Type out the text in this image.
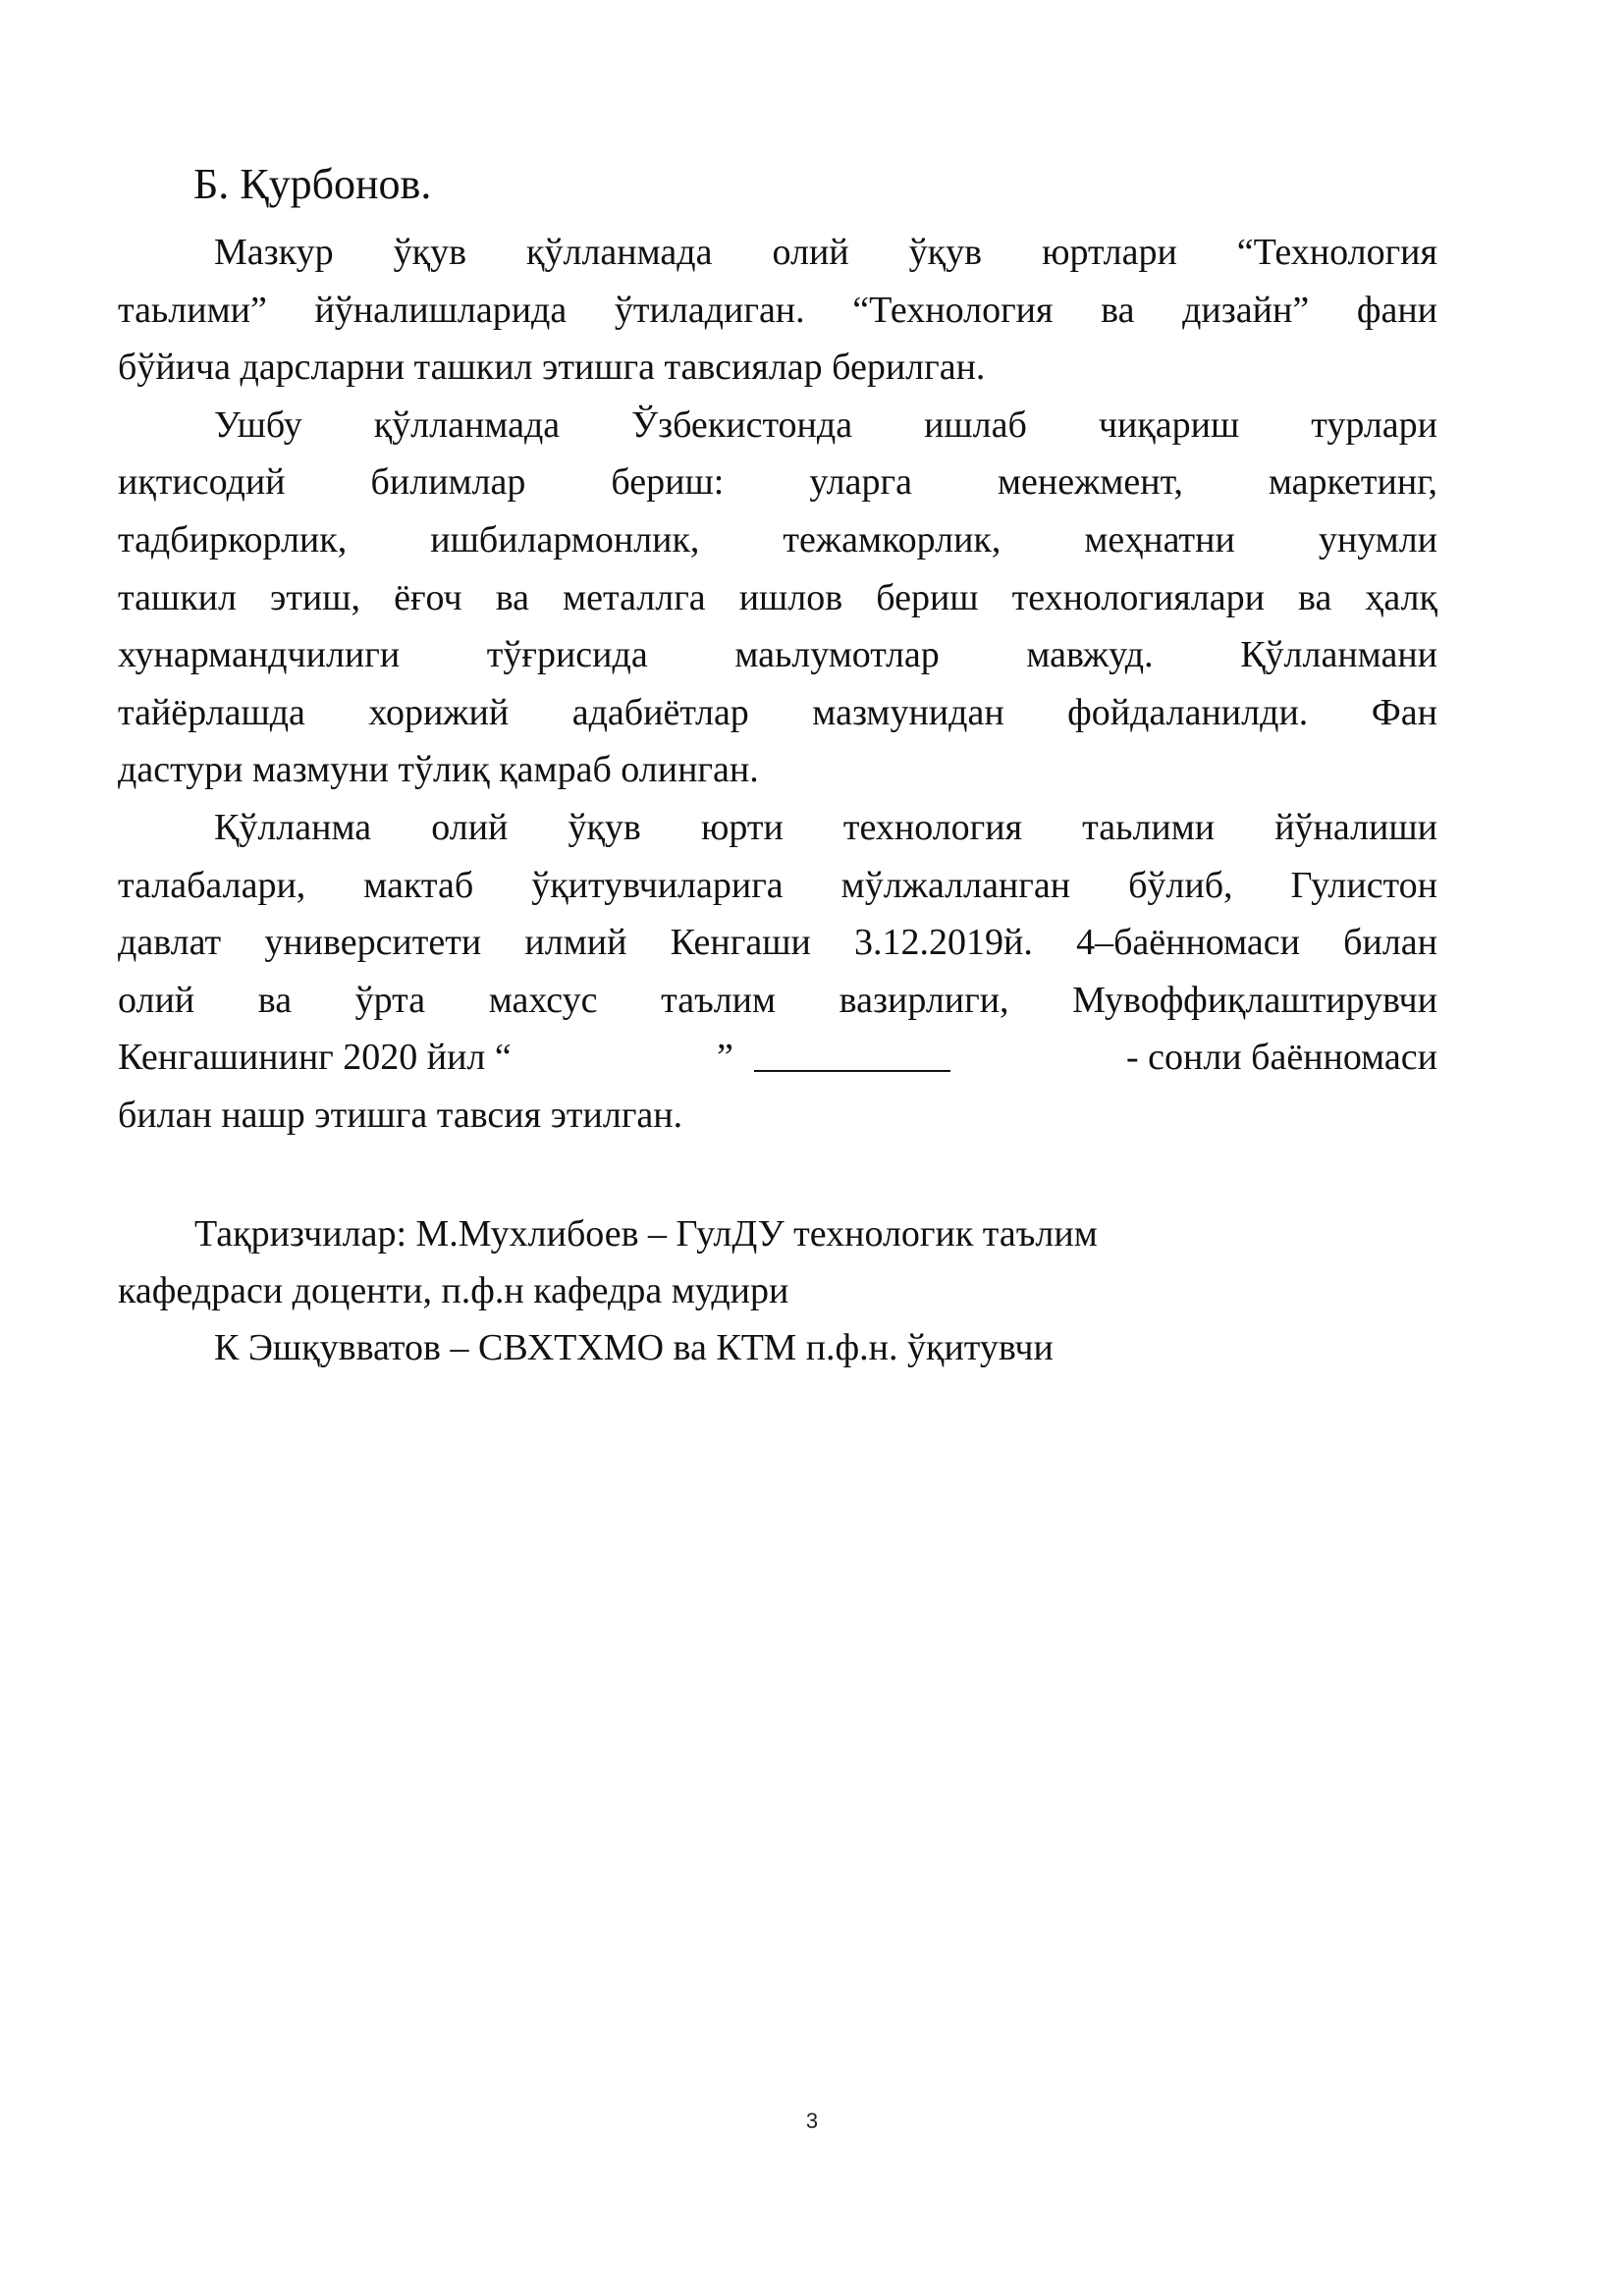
Б. Қурбонов.
Мазкур ўқув қўлланмада олий ўқув юртлари “Технология
таьлими” йўналишларида ўтиладиган. “Технология ва дизайн” фани
бўйича дарсларни ташкил этишга тавсиялар берилган.
Ушбу қўлланмада Ўзбекистонда ишлаб чиқариш турлари
иқтисодий билимлар бериш: уларга менежмент, маркетинг,
тадбиркорлик, ишбилармонлик, тежамкорлик, меҳнатни унумли
ташкил этиш, ёғоч ва металлга ишлов бериш технологиялари ва ҳалқ
хунармандчилиги тўғрисида маьлумотлар мавжуд. Қўлланмани
тайёрлашда хорижий адабиётлар мазмунидан фойдаланилди. Фан
дастури мазмуни тўлиқ қамраб олинган.
Қўлланма олий ўқув юрти технология таьлими йўналиши
талабалари, мактаб ўқитувчиларига мўлжалланган бўлиб, Гулистон
давлат университети илмий Кенгаши 3.12.2019й. 4–баённомаси билан
олий ва ўрта махсус таълим вазирлиги, Мувоффиқлаштирувчи
Кенгашининг 2020 йил “	”	- сонли баённомаси
билан нашр этишга тавсия этилган.
Тақризчилар: М.Мухлибоев – ГулДУ технологик таълим
кафедраси доценти, п.ф.н кафедра мудири
К Эшқувватов – СВХТХМО ва КТМ п.ф.н. ўқитувчи
3
